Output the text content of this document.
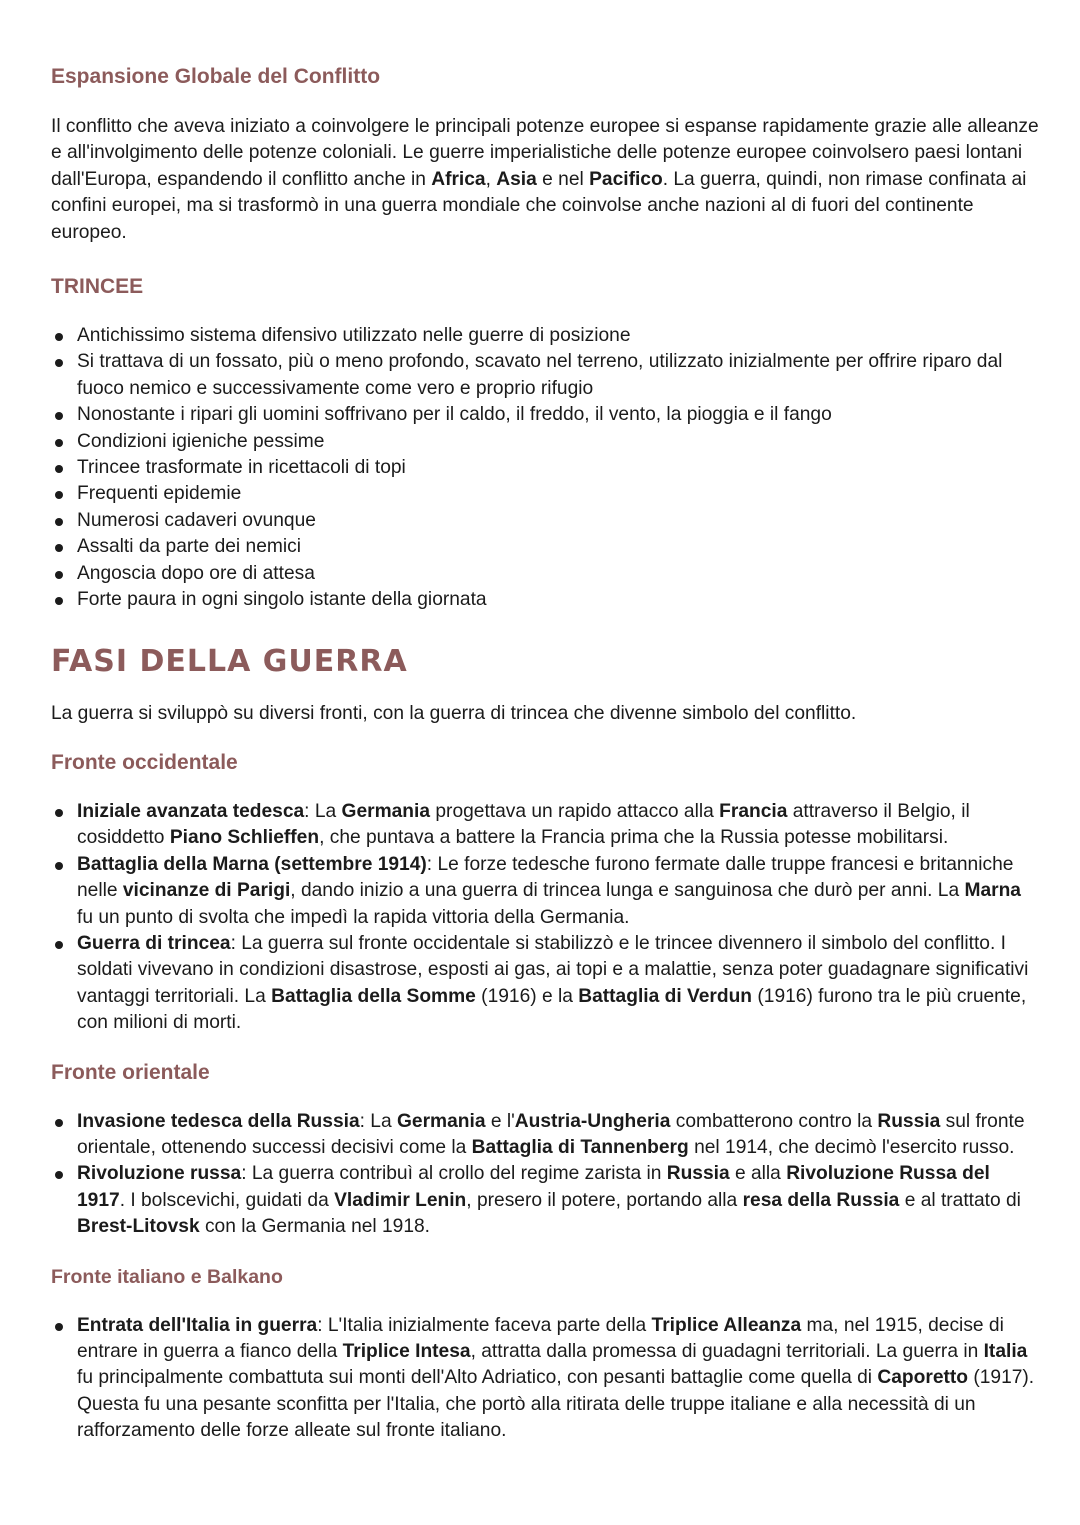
Espansione Globale del Conflitto

Il conflitto che aveva iniziato a coinvolgere le principali potenze europee si espanse rapidamente grazie alle alleanze e all'involgimento delle potenze coloniali. Le guerre imperialistiche delle potenze europee coinvolsero paesi lontani dall'Europa, espandendo il conflitto anche in Africa, Asia e nel Pacifico. La guerra, quindi, non rimase confinata ai confini europei, ma si trasformò in una guerra mondiale che coinvolse anche nazioni al di fuori del continente europeo.

TRINCEE
Antichissimo sistema difensivo utilizzato nelle guerre di posizione
Si trattava di un fossato, più o meno profondo, scavato nel terreno, utilizzato inizialmente per offrire riparo dal fuoco nemico e successivamente come vero e proprio rifugio
Nonostante i ripari gli uomini soffrivano per il caldo, il freddo, il vento, la pioggia e il fango
Condizioni igieniche pessime
Trincee trasformate in ricettacoli di topi
Frequenti epidemie
Numerosi cadaveri ovunque
Assalti da parte dei nemici
Angoscia dopo ore di attesa
Forte paura in ogni singolo istante della giornata
FASI DELLA GUERRA

La guerra si sviluppò su diversi fronti, con la guerra di trincea che divenne simbolo del conflitto.

Fronte occidentale
Iniziale avanzata tedesca: La Germania progettava un rapido attacco alla Francia attraverso il Belgio, il cosiddetto Piano Schlieffen, che puntava a battere la Francia prima che la Russia potesse mobilitarsi.
Battaglia della Marna (settembre 1914): Le forze tedesche furono fermate dalle truppe francesi e britanniche nelle vicinanze di Parigi, dando inizio a una guerra di trincea lunga e sanguinosa che durò per anni. La Marna fu un punto di svolta che impedì la rapida vittoria della Germania.
Guerra di trincea: La guerra sul fronte occidentale si stabilizzò e le trincee divennero il simbolo del conflitto. I soldati vivevano in condizioni disastrose, esposti ai gas, ai topi e a malattie, senza poter guadagnare significativi vantaggi territoriali. La Battaglia della Somme (1916) e la Battaglia di Verdun (1916) furono tra le più cruente, con milioni di morti.
Fronte orientale
Invasione tedesca della Russia: La Germania e l'Austria-Ungheria combatterono contro la Russia sul fronte orientale, ottenendo successi decisivi come la Battaglia di Tannenberg nel 1914, che decimò l'esercito russo.
Rivoluzione russa: La guerra contribuì al crollo del regime zarista in Russia e alla Rivoluzione Russa del 1917. I bolscevichi, guidati da Vladimir Lenin, presero il potere, portando alla resa della Russia e al trattato di Brest-Litovsk con la Germania nel 1918.
Fronte italiano e Balkano
Entrata dell'Italia in guerra: L'Italia inizialmente faceva parte della Triplice Alleanza ma, nel 1915, decise di entrare in guerra a fianco della Triplice Intesa, attratta dalla promessa di guadagni territoriali. La guerra in Italia fu principalmente combattuta sui monti dell'Alto Adriatico, con pesanti battaglie come quella di Caporetto (1917). Questa fu una pesante sconfitta per l'Italia, che portò alla ritirata delle truppe italiane e alla necessità di un rafforzamento delle forze alleate sul fronte italiano.
